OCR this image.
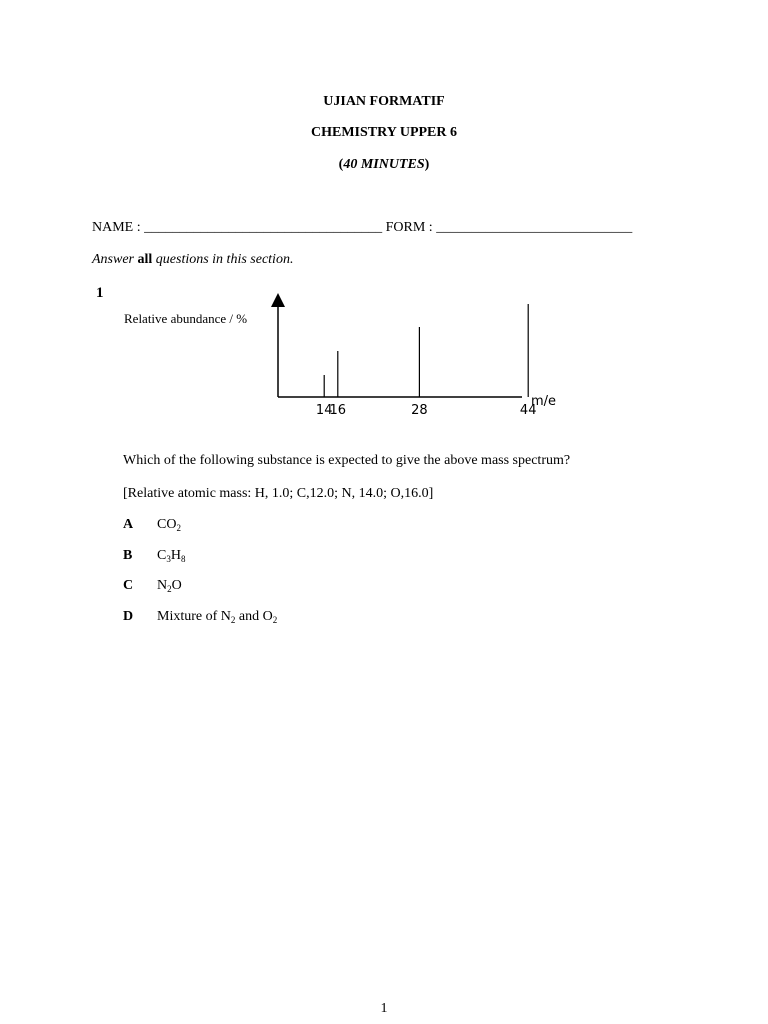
UJIAN FORMATIF
CHEMISTRY UPPER 6
(40 MINUTES)
NAME : __________________________________ FORM : ____________________________
Answer all questions in this section.
1
Relative abundance / %
m/e
14
16	28	44
Which of the following substance is expected to give the above mass spectrum?
[Relative atomic mass: H, 1.0; C,12.0; N, 14.0; O,16.0]
A $CO_2$
B $C_3H_8$
C $N_2O$
D Mixture of $N_2$ and $O_2$
1
